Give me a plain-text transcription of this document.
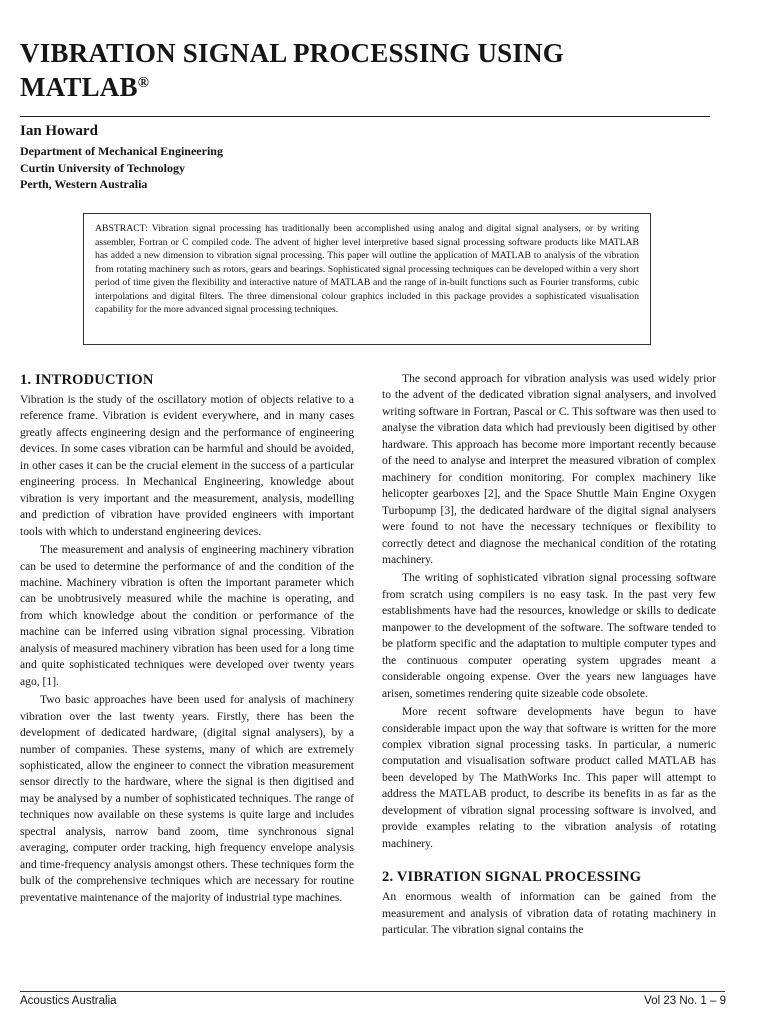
VIBRATION SIGNAL PROCESSING USING
MATLAB®
Ian Howard
Department of Mechanical Engineering
Curtin University of Technology
Perth, Western Australia
ABSTRACT: Vibration signal processing has traditionally been accomplished using analog and digital signal analysers, or by writing assembler, Fortran or C compiled code. The advent of higher level interpretive based signal processing software products like MATLAB has added a new dimension to vibration signal processing. This paper will outline the application of MATLAB to analysis of the vibration from rotating machinery such as rotors, gears and bearings. Sophisticated signal processing techniques can be developed within a very short period of time given the flexibility and interactive nature of MATLAB and the range of in-built functions such as Fourier transforms, cubic interpolations and digital filters. The three dimensional colour graphics included in this package provides a sophisticated visualisation capability for the more advanced signal processing techniques.
1. INTRODUCTION

Vibration is the study of the oscillatory motion of objects relative to a reference frame. Vibration is evident everywhere, and in many cases greatly affects engineering design and the performance of engineering devices. In some cases vibration can be harmful and should be avoided, in other cases it can be the crucial element in the success of a particular engineering process. In Mechanical Engineering, knowledge about vibration is very important and the measurement, analysis, modelling and prediction of vibration have provided engineers with important tools with which to understand engineering devices.

The measurement and analysis of engineering machinery vibration can be used to determine the performance of and the condition of the machine. Machinery vibration is often the important parameter which can be unobtrusively measured while the machine is operating, and from which knowledge about the condition or performance of the machine can be inferred using vibration signal processing. Vibration analysis of measured machinery vibration has been used for a long time and quite sophisticated techniques were developed over twenty years ago, [1].

Two basic approaches have been used for analysis of machinery vibration over the last twenty years. Firstly, there has been the development of dedicated hardware, (digital signal analysers), by a number of companies. These systems, many of which are extremely sophisticated, allow the engineer to connect the vibration measurement sensor directly to the hardware, where the signal is then digitised and may be analysed by a number of sophisticated techniques. The range of techniques now available on these systems is quite large and includes spectral analysis, narrow band zoom, time synchronous signal averaging, computer order tracking, high frequency envelope analysis and time-frequency analysis amongst others. These techniques form the bulk of the comprehensive techniques which are necessary for routine preventative maintenance of the majority of industrial type machines.

The second approach for vibration analysis was used widely prior to the advent of the dedicated vibration signal analysers, and involved writing software in Fortran, Pascal or C. This software was then used to analyse the vibration data which had previously been digitised by other hardware. This approach has become more important recently because of the need to analyse and interpret the measured vibration of complex machinery for condition monitoring. For complex machinery like helicopter gearboxes [2], and the Space Shuttle Main Engine Oxygen Turbopump [3], the dedicated hardware of the digital signal analysers were found to not have the necessary techniques or flexibility to correctly detect and diagnose the mechanical condition of the rotating machinery.

The writing of sophisticated vibration signal processing software from scratch using compilers is no easy task. In the past very few establishments have had the resources, knowledge or skills to dedicate manpower to the development of the software. The software tended to be platform specific and the adaptation to multiple computer types and the continuous computer operating system upgrades meant a considerable ongoing expense. Over the years new languages have arisen, sometimes rendering quite sizeable code obsolete.

More recent software developments have begun to have considerable impact upon the way that software is written for the more complex vibration signal processing tasks. In particular, a numeric computation and visualisation software product called MATLAB has been developed by The MathWorks Inc. This paper will attempt to address the MATLAB product, to describe its benefits in as far as the development of vibration signal processing software is involved, and provide examples relating to the vibration analysis of rotating machinery.

2. VIBRATION SIGNAL PROCESSING

An enormous wealth of information can be gained from the measurement and analysis of vibration data of rotating machinery in particular. The vibration signal contains the

Acoustics Australia	Vol 23 No. 1 – 9
